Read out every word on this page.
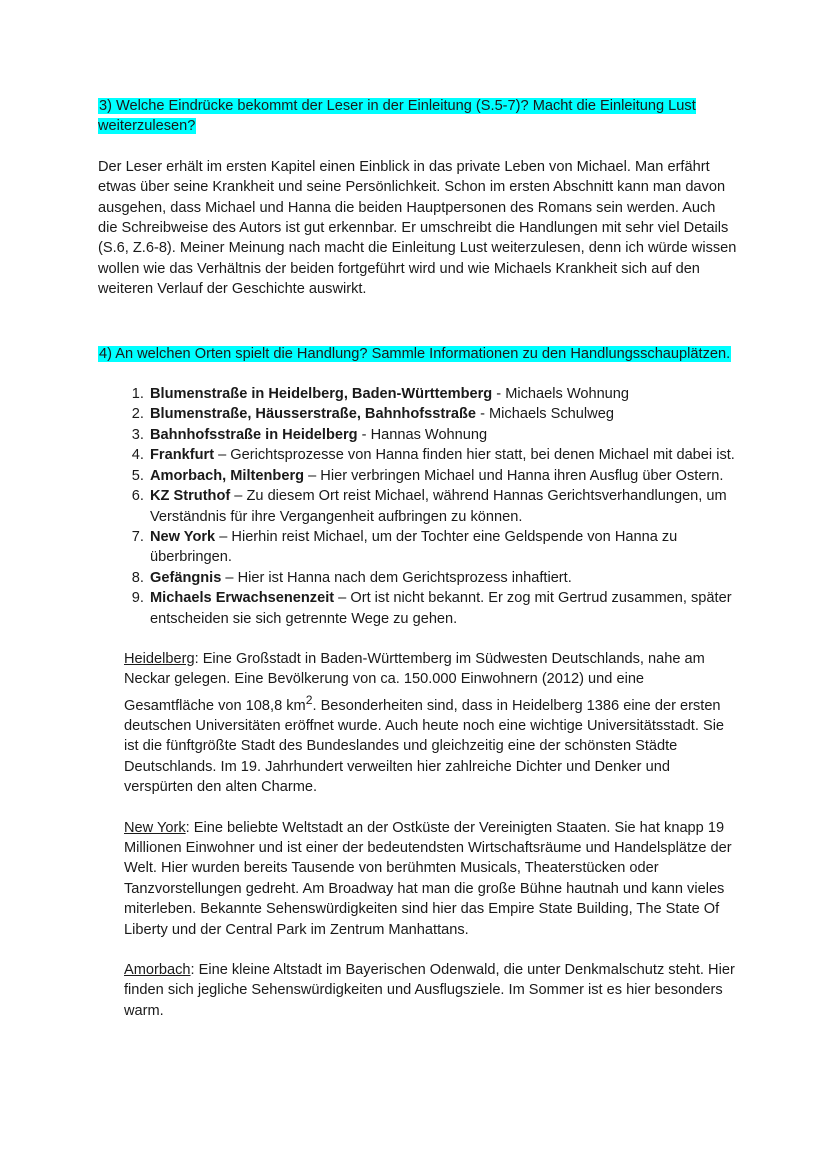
3) Welche Eindrücke bekommt der Leser in der Einleitung (S.5-7)? Macht die Einleitung Lust weiterzulesen?

Der Leser erhält im ersten Kapitel einen Einblick in das private Leben von Michael. Man erfährt etwas über seine Krankheit und seine Persönlichkeit. Schon im ersten Abschnitt kann man davon ausgehen, dass Michael und Hanna die beiden Hauptpersonen des Romans sein werden. Auch die Schreibweise des Autors ist gut erkennbar. Er umschreibt die Handlungen mit sehr viel Details (S.6, Z.6-8). Meiner Meinung nach macht die Einleitung Lust weiterzulesen, denn ich würde wissen wollen wie das Verhältnis der beiden fortgeführt wird und wie Michaels Krankheit sich auf den weiteren Verlauf der Geschichte auswirkt.

4) An welchen Orten spielt die Handlung? Sammle Informationen zu den Handlungsschauplätzen.
1. Blumenstraße in Heidelberg, Baden-Württemberg - Michaels Wohnung
2. Blumenstraße, Häusserstraße, Bahnhofsstraße - Michaels Schulweg
3. Bahnhofsstraße in Heidelberg - Hannas Wohnung
4. Frankfurt – Gerichtsprozesse von Hanna finden hier statt, bei denen Michael mit dabei ist.
5. Amorbach, Miltenberg – Hier verbringen Michael und Hanna ihren Ausflug über Ostern.
6. KZ Struthof – Zu diesem Ort reist Michael, während Hannas Gerichtsverhandlungen, um Verständnis für ihre Vergangenheit aufbringen zu können.
7. New York – Hierhin reist Michael, um der Tochter eine Geldspende von Hanna zu überbringen.
8. Gefängnis – Hier ist Hanna nach dem Gerichtsprozess inhaftiert.
9. Michaels Erwachsenenzeit – Ort ist nicht bekannt. Er zog mit Gertrud zusammen, später entscheiden sie sich getrennte Wege zu gehen.

Heidelberg: Eine Großstadt in Baden-Württemberg im Südwesten Deutschlands, nahe am Neckar gelegen. Eine Bevölkerung von ca. 150.000 Einwohnern (2012) und eine Gesamtfläche von 108,8 $km^2$. Besonderheiten sind, dass in Heidelberg 1386 eine der ersten deutschen Universitäten eröffnet wurde. Auch heute noch eine wichtige Universitätsstadt. Sie ist die fünftgrößte Stadt des Bundeslandes und gleichzeitig eine der schönsten Städte Deutschlands. Im 19. Jahrhundert verweilten hier zahlreiche Dichter und Denker und verspürten den alten Charme.

New York: Eine beliebte Weltstadt an der Ostküste der Vereinigten Staaten. Sie hat knapp 19 Millionen Einwohner und ist einer der bedeutendsten Wirtschaftsräume und Handelsplätze der Welt. Hier wurden bereits Tausende von berühmten Musicals, Theaterstücken oder Tanzvorstellungen gedreht. Am Broadway hat man die große Bühne hautnah und kann vieles miterleben. Bekannte Sehenswürdigkeiten sind hier das Empire State Building, The State Of Liberty und der Central Park im Zentrum Manhattans.

Amorbach: Eine kleine Altstadt im Bayerischen Odenwald, die unter Denkmalschutz steht. Hier finden sich jegliche Sehenswürdigkeiten und Ausflugsziele. Im Sommer ist es hier besonders warm.
